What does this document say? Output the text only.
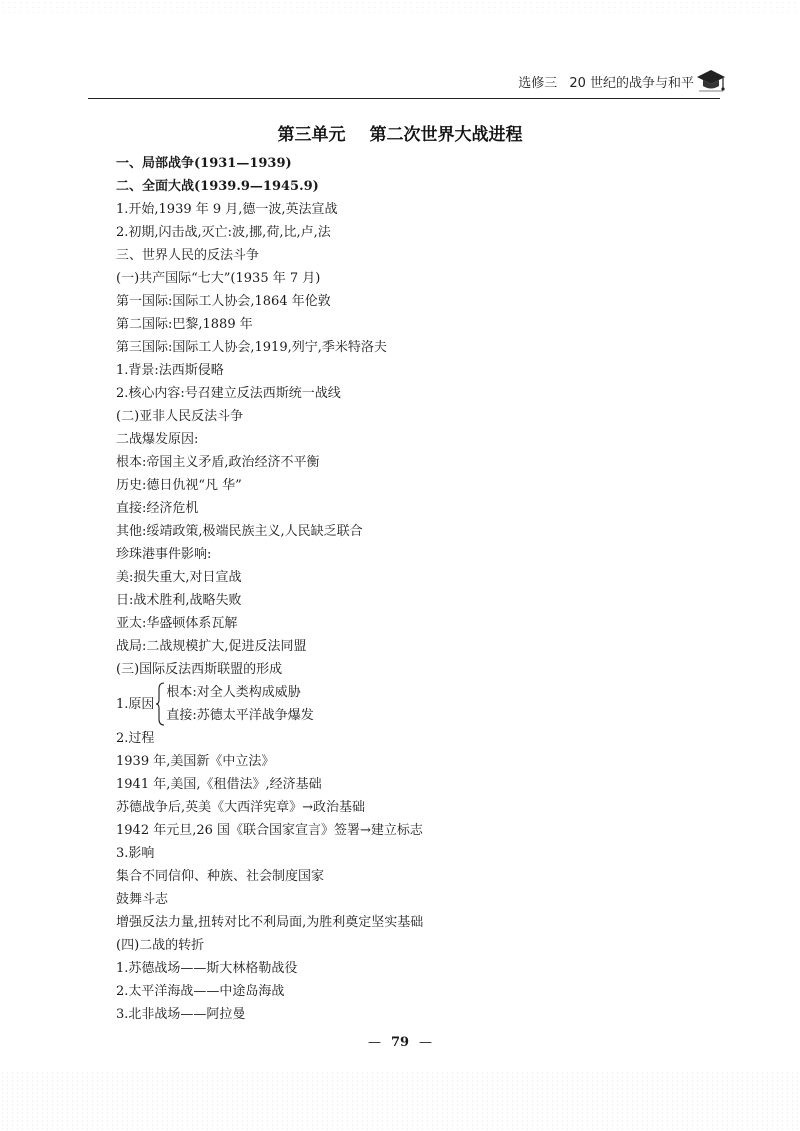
选修三 20 世纪的战争与和平
第三单元 第二次世界大战进程
一、局部战争(1931—1939)
二、全面大战(1939.9—1945.9)
1.开始,1939 年 9 月,德一波,英法宣战
2.初期,闪击战,灭亡:波,挪,荷,比,卢,法
三、世界人民的反法斗争
(一)共产国际“七大”(1935 年 7 月)
第一国际:国际工人协会,1864 年伦敦
第二国际:巴黎,1889 年
第三国际:国际工人协会,1919,列宁,季米特洛夫
1.背景:法西斯侵略
2.核心内容:号召建立反法西斯统一战线
(二)亚非人民反法斗争
二战爆发原因:
根本:帝国主义矛盾,政治经济不平衡
历史:德日仇视“凡 华”
直接:经济危机
其他:绥靖政策,极端民族主义,人民缺乏联合
珍珠港事件影响:
美:损失重大,对日宣战
日:战术胜利,战略失败
亚太:华盛顿体系瓦解
战局:二战规模扩大,促进反法同盟
(三)国际反法西斯联盟的形成
1.原因
根本:对全人类构成威胁
直接:苏德太平洋战争爆发
2.过程
1939 年,美国新《中立法》
1941 年,美国,《租借法》,经济基础
苏德战争后,英美《大西洋宪章》→政治基础
1942 年元旦,26 国《联合国家宣言》签署→建立标志
3.影响
集合不同信仰、种族、社会制度国家
鼓舞斗志
增强反法力量,扭转对比不利局面,为胜利奠定坚实基础
(四)二战的转折
1.苏德战场——斯大林格勒战役
2.太平洋海战——中途岛海战
3.北非战场——阿拉曼
— 79 —
